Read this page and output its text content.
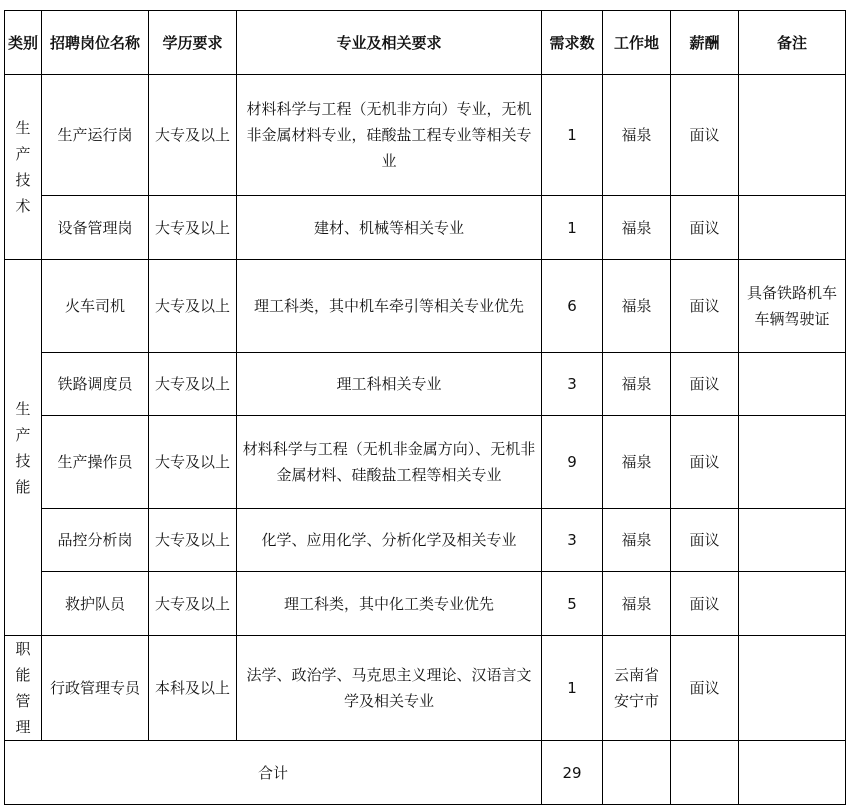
类别	招聘岗位名称	学历要求	专业及相关要求	需求数	工作地	薪酬	备注
生产技术	生产运行岗	大专及以上	材料科学与工程（无机非方向）专业，无机非金属材料专业，硅酸盐工程专业等相关专业	1	福泉	面议	
	设备管理岗	大专及以上	建材、机械等相关专业	1	福泉	面议	
生产技能	火车司机	大专及以上	理工科类，其中机车牵引等相关专业优先	6	福泉	面议	具备铁路机车车辆驾驶证
	铁路调度员	大专及以上	理工科相关专业	3	福泉	面议	
	生产操作员	大专及以上	材料科学与工程（无机非金属方向）、无机非金属材料、硅酸盐工程等相关专业	9	福泉	面议	
	品控分析岗	大专及以上	化学、应用化学、分析化学及相关专业	3	福泉	面议	
	救护队员	大专及以上	理工科类，其中化工类专业优先	5	福泉	面议	
职能管理	行政管理专员	本科及以上	法学、政治学、马克思主义理论、汉语言文学及相关专业	1	云南省安宁市	面议	
合计				29			
